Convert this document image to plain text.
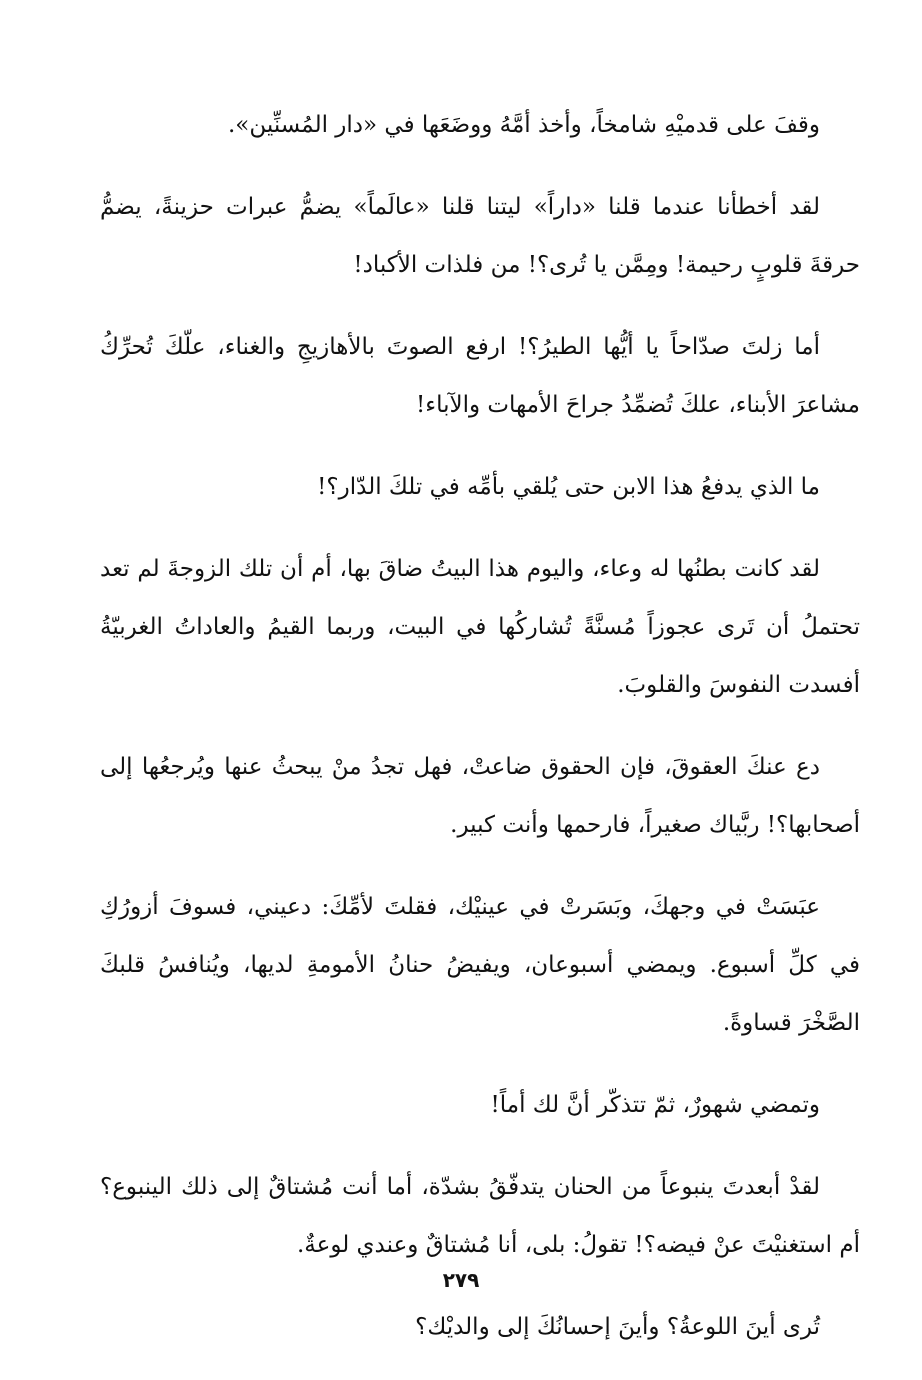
وقفَ على قدميْهِ شامخاً، وأخذ أمَّهُ ووضَعَها في «دار المُسنِّين».

لقد أخطأنا عندما قلنا «داراً» ليتنا قلنا «عالَماً» يضمُّ عبرات حزينةً، يضمُّ حرقةَ قلوبٍ رحيمة! ومِمَّن يا تُرى؟! من فلذات الأكباد!

أما زلتَ صدّاحاً يا أيُّها الطيرُ؟! ارفع الصوتَ بالأهازيجِ والغناء، علّكَ تُحرِّكُ مشاعرَ الأبناء، علكَ تُضمِّدُ جراحَ الأمهات والآباء!

ما الذي يدفعُ هذا الابن حتى يُلقي بأمِّه في تلكَ الدّار؟!

لقد كانت بطنُها له وعاء، واليوم هذا البيتُ ضاقَ بها، أم أن تلك الزوجةَ لم تعد تحتملُ أن تَرى عجوزاً مُسنَّةً تُشاركُها في البيت، وربما القيمُ والعاداتُ الغربيّةُ أفسدت النفوسَ والقلوبَ.

دع عنكَ العقوقَ، فإن الحقوق ضاعتْ، فهل تجدُ منْ يبحثُ عنها ويُرجعُها إلى أصحابها؟! ربَّياك صغيراً، فارحمها وأنت كبير.

عبَسَتْ في وجهكَ، وبَسَرتْ في عينيْك، فقلتَ لأمِّكَ: دعيني، فسوفَ أزورُكِ في كلِّ أسبوع. ويمضي أسبوعان، ويفيضُ حنانُ الأمومةِ لديها، ويُنافسُ قلبكَ الصَّخْرَ قساوةً.

وتمضي شهورٌ، ثمّ تتذكّر أنَّ لك أماً!

لقدْ أبعدتَ ينبوعاً من الحنان يتدفّقُ بشدّة، أما أنت مُشتاقٌ إلى ذلك الينبوع؟ أم استغنيْتَ عنْ فيضه؟! تقولُ: بلى، أنا مُشتاقٌ وعندي لوعةٌ.

تُرى أينَ اللوعةُ؟ وأينَ إحسانُكَ إلى والديْك؟

٢٧٩
